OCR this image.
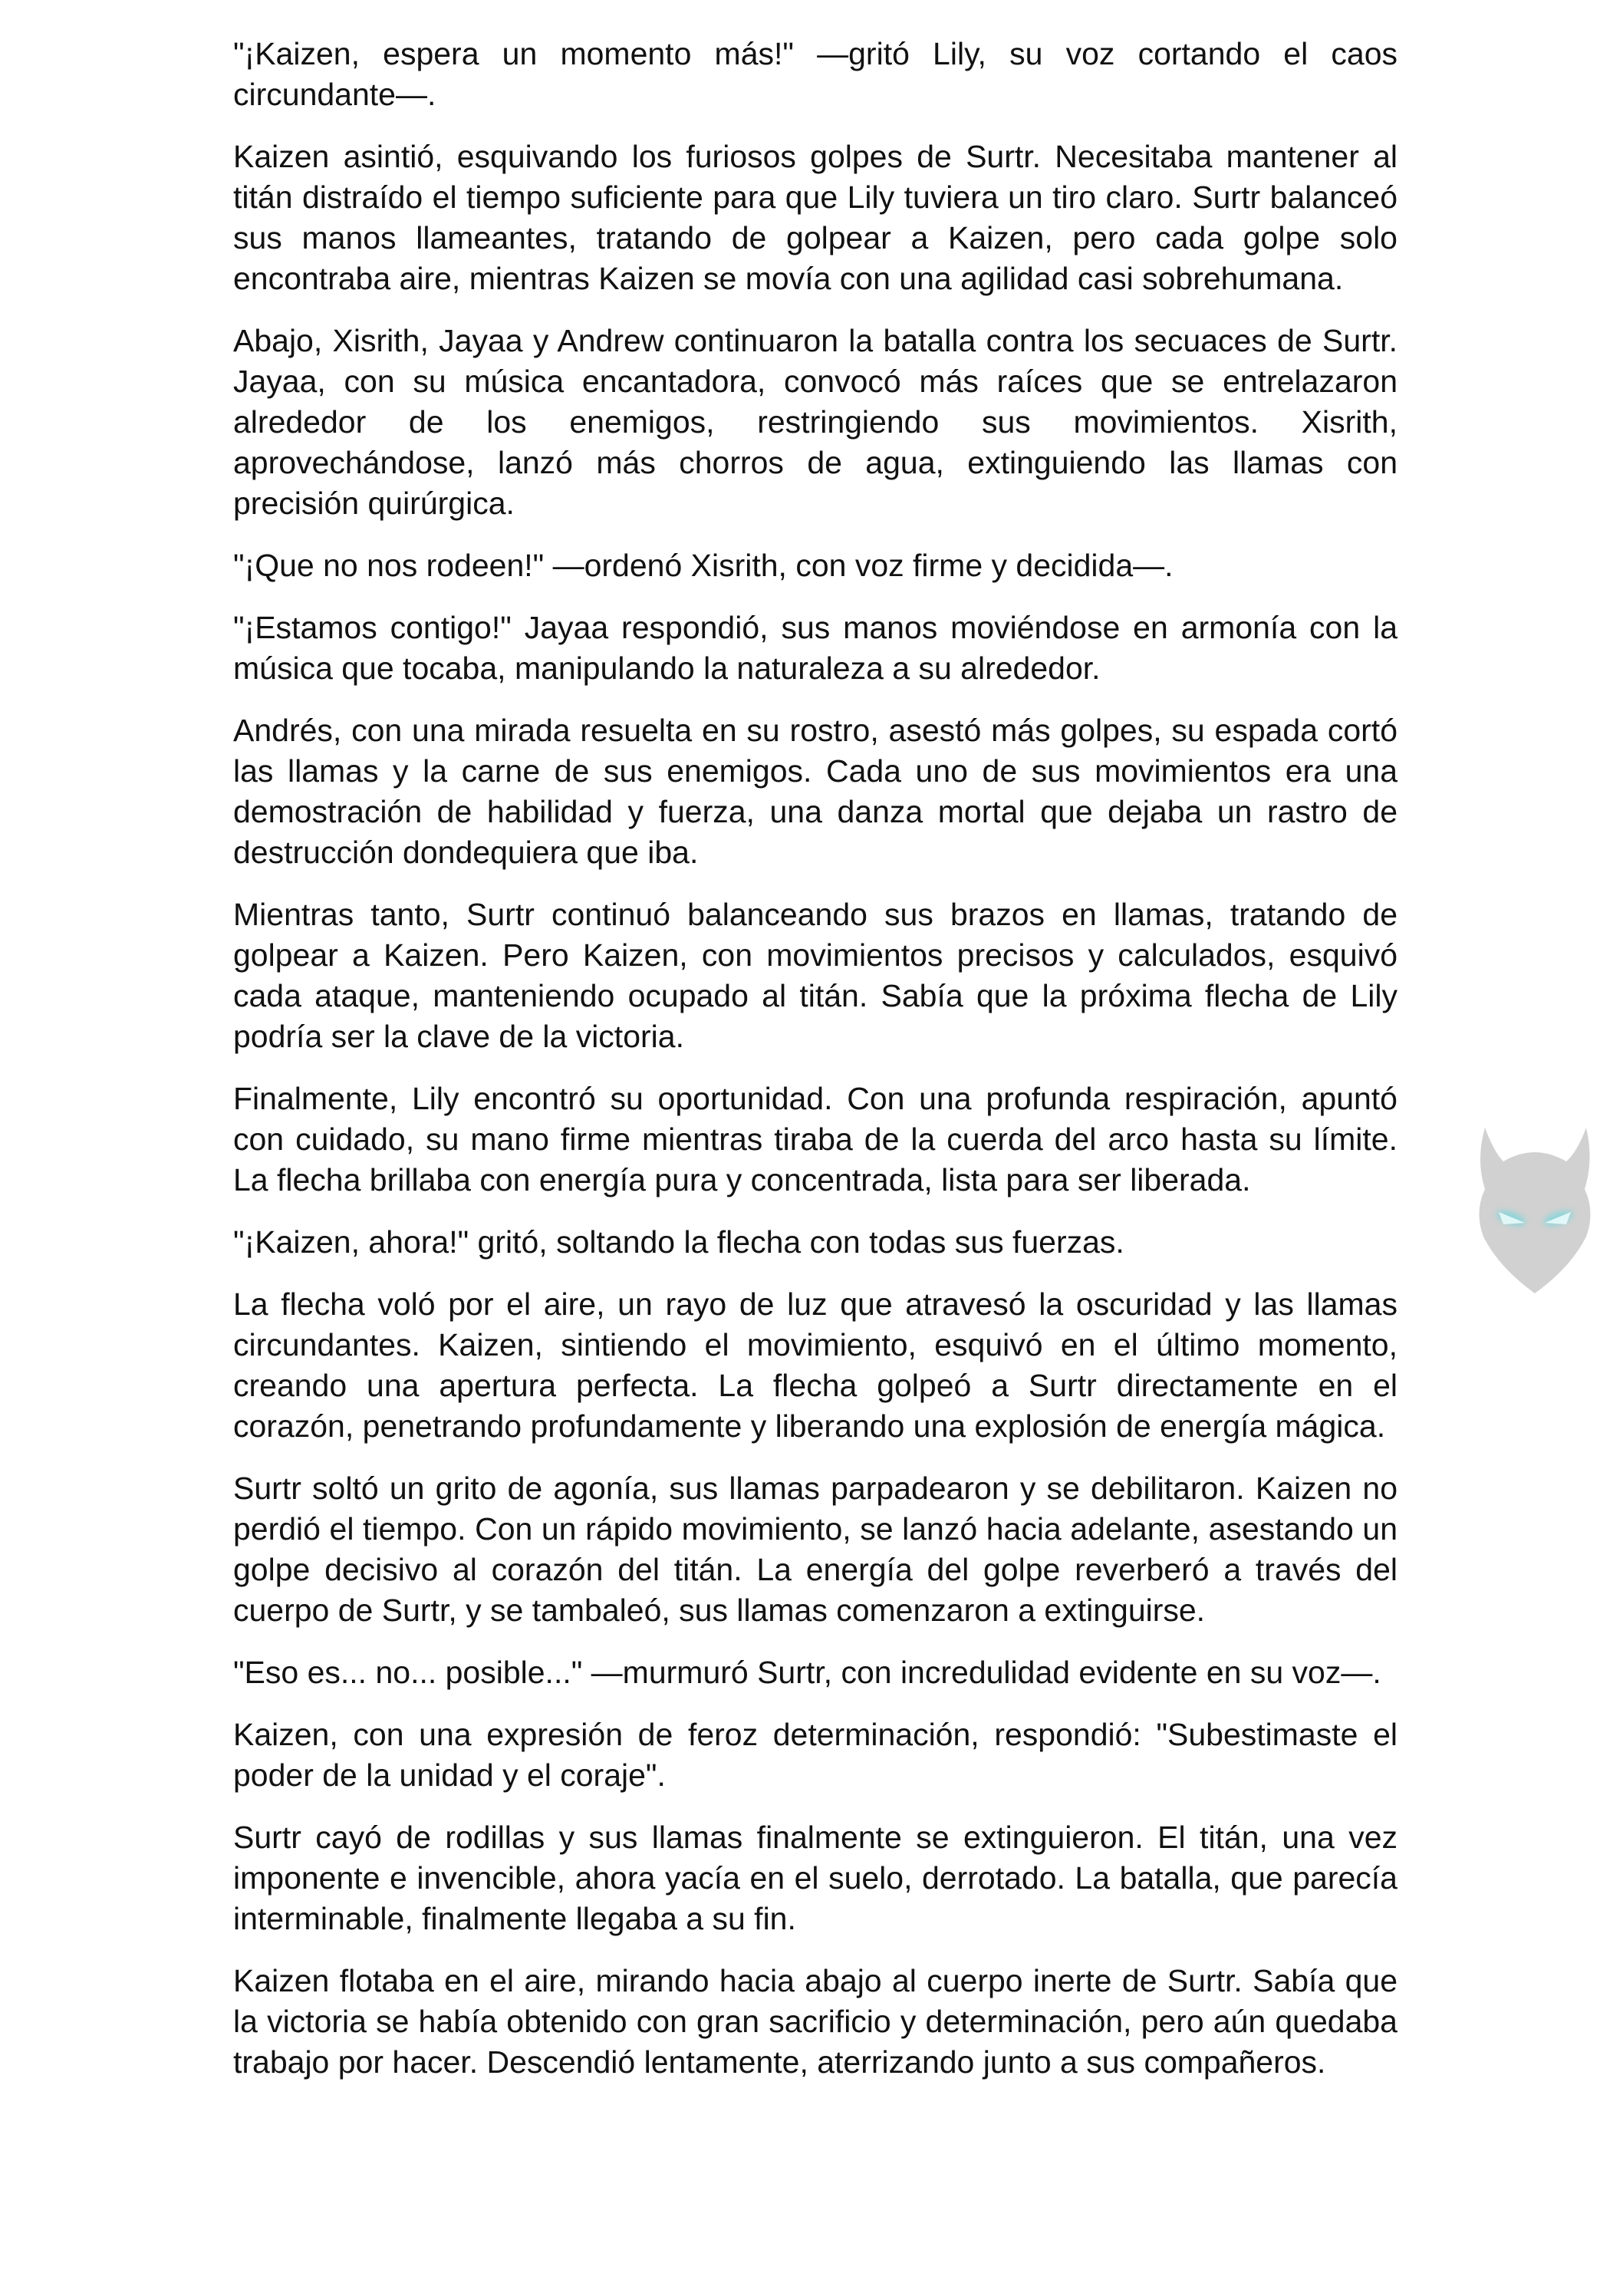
"¡Kaizen, espera un momento más!" —gritó Lily, su voz cortando el caos circundante—.

Kaizen asintió, esquivando los furiosos golpes de Surtr. Necesitaba mantener al titán distraído el tiempo suficiente para que Lily tuviera un tiro claro. Surtr balanceó sus manos llameantes, tratando de golpear a Kaizen, pero cada golpe solo encontraba aire, mientras Kaizen se movía con una agilidad casi sobrehumana.

Abajo, Xisrith, Jayaa y Andrew continuaron la batalla contra los secuaces de Surtr. Jayaa, con su música encantadora, convocó más raíces que se entrelazaron alrededor de los enemigos, restringiendo sus movimientos. Xisrith, aprovechándose, lanzó más chorros de agua, extinguiendo las llamas con precisión quirúrgica.

"¡Que no nos rodeen!" —ordenó Xisrith, con voz firme y decidida—.

"¡Estamos contigo!" Jayaa respondió, sus manos moviéndose en armonía con la música que tocaba, manipulando la naturaleza a su alrededor.

Andrés, con una mirada resuelta en su rostro, asestó más golpes, su espada cortó las llamas y la carne de sus enemigos. Cada uno de sus movimientos era una demostración de habilidad y fuerza, una danza mortal que dejaba un rastro de destrucción dondequiera que iba.

Mientras tanto, Surtr continuó balanceando sus brazos en llamas, tratando de golpear a Kaizen. Pero Kaizen, con movimientos precisos y calculados, esquivó cada ataque, manteniendo ocupado al titán. Sabía que la próxima flecha de Lily podría ser la clave de la victoria.

Finalmente, Lily encontró su oportunidad. Con una profunda respiración, apuntó con cuidado, su mano firme mientras tiraba de la cuerda del arco hasta su límite. La flecha brillaba con energía pura y concentrada, lista para ser liberada.

"¡Kaizen, ahora!" gritó, soltando la flecha con todas sus fuerzas.

La flecha voló por el aire, un rayo de luz que atravesó la oscuridad y las llamas circundantes. Kaizen, sintiendo el movimiento, esquivó en el último momento, creando una apertura perfecta. La flecha golpeó a Surtr directamente en el corazón, penetrando profundamente y liberando una explosión de energía mágica.

Surtr soltó un grito de agonía, sus llamas parpadearon y se debilitaron. Kaizen no perdió el tiempo. Con un rápido movimiento, se lanzó hacia adelante, asestando un golpe decisivo al corazón del titán. La energía del golpe reverberó a través del cuerpo de Surtr, y se tambaleó, sus llamas comenzaron a extinguirse.

"Eso es... no... posible..." —murmuró Surtr, con incredulidad evidente en su voz—.

Kaizen, con una expresión de feroz determinación, respondió: "Subestimaste el poder de la unidad y el coraje".

Surtr cayó de rodillas y sus llamas finalmente se extinguieron. El titán, una vez imponente e invencible, ahora yacía en el suelo, derrotado. La batalla, que parecía interminable, finalmente llegaba a su fin.

Kaizen flotaba en el aire, mirando hacia abajo al cuerpo inerte de Surtr. Sabía que la victoria se había obtenido con gran sacrificio y determinación, pero aún quedaba trabajo por hacer. Descendió lentamente, aterrizando junto a sus compañeros.
